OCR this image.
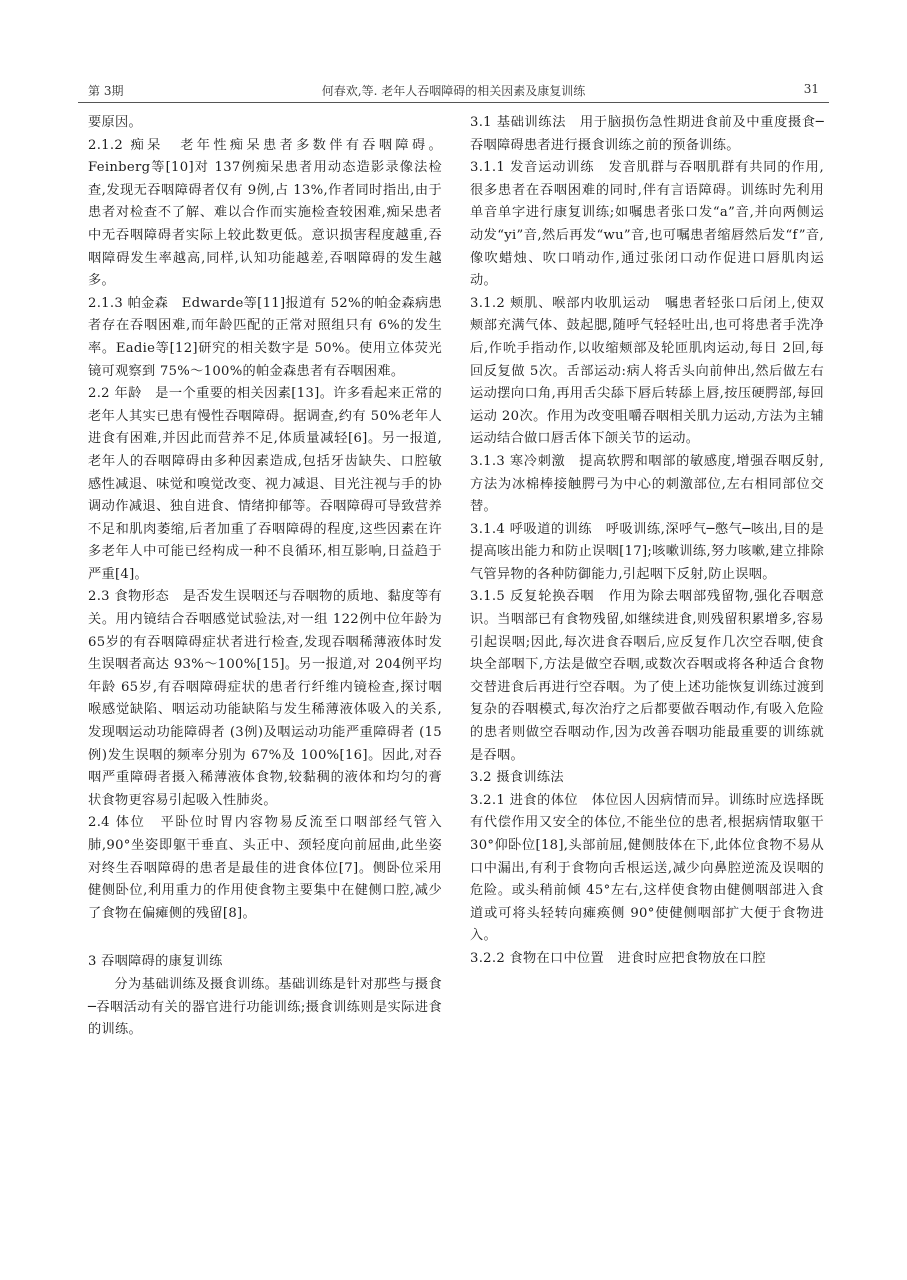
第 3期	何春欢,等. 老年人吞咽障碍的相关因素及康复训练	31

要原因。

2.1.2 痴呆　老年性痴呆患者多数伴有吞咽障碍。Feinberg等[10]对 137例痴呆患者用动态造影录像法检查,发现无吞咽障碍者仅有 9例,占 13%,作者同时指出,由于患者对检查不了解、难以合作而实施检查较困难,痴呆患者中无吞咽障碍者实际上较此数更低。意识损害程度越重,吞咽障碍发生率越高,同样,认知功能越差,吞咽障碍的发生越多。

2.1.3 帕金森　Edwarde等[11]报道有 52%的帕金森病患者存在吞咽困难,而年龄匹配的正常对照组只有 6%的发生率。Eadie等[12]研究的相关数字是 50%。使用立体荧光镜可观察到 75%～100%的帕金森患者有吞咽困难。

2.2 年龄　是一个重要的相关因素[13]。许多看起来正常的老年人其实已患有慢性吞咽障碍。据调查,约有 50%老年人进食有困难,并因此而营养不足,体质量减轻[6]。另一报道,老年人的吞咽障碍由多种因素造成,包括牙齿缺失、口腔敏感性减退、味觉和嗅觉改变、视力减退、目光注视与手的协调动作减退、独自进食、情绪抑郁等。吞咽障碍可导致营养不足和肌肉萎缩,后者加重了吞咽障碍的程度,这些因素在许多老年人中可能已经构成一种不良循环,相互影响,日益趋于严重[4]。

2.3 食物形态　是否发生误咽还与吞咽物的质地、黏度等有关。用内镜结合吞咽感觉试验法,对一组 122例中位年龄为 65岁的有吞咽障碍症状者进行检查,发现吞咽稀薄液体时发生误咽者高达 93%～100%[15]。另一报道,对 204例平均年龄 65岁,有吞咽障碍症状的患者行纤维内镜检查,探讨咽喉感觉缺陷、咽运动功能缺陷与发生稀薄液体吸入的关系,发现咽运动功能障碍者 (3例)及咽运动功能严重障碍者 (15例)发生误咽的频率分别为 67%及 100%[16]。因此,对吞咽严重障碍者摄入稀薄液体食物,较黏稠的液体和均匀的膏状食物更容易引起吸入性肺炎。

2.4 体位　平卧位时胃内容物易反流至口咽部经气管入肺,90°坐姿即躯干垂直、头正中、颈轻度向前屈曲,此坐姿对终生吞咽障碍的患者是最佳的进食体位[7]。侧卧位采用健侧卧位,利用重力的作用使食物主要集中在健侧口腔,减少了食物在偏瘫侧的残留[8]。

3 吞咽障碍的康复训练

分为基础训练及摄食训练。基础训练是针对那些与摄食─吞咽活动有关的器官进行功能训练;摄食训练则是实际进食的训练。

3.1 基础训练法　用于脑损伤急性期进食前及中重度摄食─吞咽障碍患者进行摄食训练之前的预备训练。

3.1.1 发音运动训练　发音肌群与吞咽肌群有共同的作用,很多患者在吞咽困难的同时,伴有言语障碍。训练时先利用单音单字进行康复训练;如嘱患者张口发“a”音,并向两侧运动发“yi”音,然后再发“wu”音,也可嘱患者缩唇然后发“f”音,像吹蜡烛、吹口哨动作,通过张闭口动作促进口唇肌肉运动。

3.1.2 颊肌、喉部内收肌运动　嘱患者轻张口后闭上,使双颊部充满气体、鼓起腮,随呼气轻轻吐出,也可将患者手洗净后,作吮手指动作,以收缩颊部及轮匝肌肉运动,每日 2回,每回反复做 5次。舌部运动:病人将舌头向前伸出,然后做左右运动摆向口角,再用舌尖舔下唇后转舔上唇,按压硬腭部,每回运动 20次。作用为改变咀嚼吞咽相关肌力运动,方法为主辅运动结合做口唇舌体下颌关节的运动。

3.1.3 寒冷刺激　提高软腭和咽部的敏感度,增强吞咽反射,方法为冰棉棒接触腭弓为中心的刺激部位,左右相同部位交替。

3.1.4 呼吸道的训练　呼吸训练,深呼气─憋气─咳出,目的是提高咳出能力和防止误咽[17];咳嗽训练,努力咳嗽,建立排除气管异物的各种防御能力,引起咽下反射,防止误咽。

3.1.5 反复轮换吞咽　作用为除去咽部残留物,强化吞咽意识。当咽部已有食物残留,如继续进食,则残留积累增多,容易引起误咽;因此,每次进食吞咽后,应反复作几次空吞咽,使食块全部咽下,方法是做空吞咽,或数次吞咽或将各种适合食物交替进食后再进行空吞咽。为了使上述功能恢复训练过渡到复杂的吞咽模式,每次治疗之后都要做吞咽动作,有吸入危险的患者则做空吞咽动作,因为改善吞咽功能最重要的训练就是吞咽。

3.2 摄食训练法

3.2.1 进食的体位　体位因人因病情而异。训练时应选择既有代偿作用又安全的体位,不能坐位的患者,根据病情取躯干 30°仰卧位[18],头部前屈,健侧肢体在下,此体位食物不易从口中漏出,有利于食物向舌根运送,减少向鼻腔逆流及误咽的危险。或头稍前倾 45°左右,这样使食物由健侧咽部进入食道或可将头轻转向瘫痪侧 90°使健侧咽部扩大便于食物进入。

3.2.2 食物在口中位置　进食时应把食物放在口腔
